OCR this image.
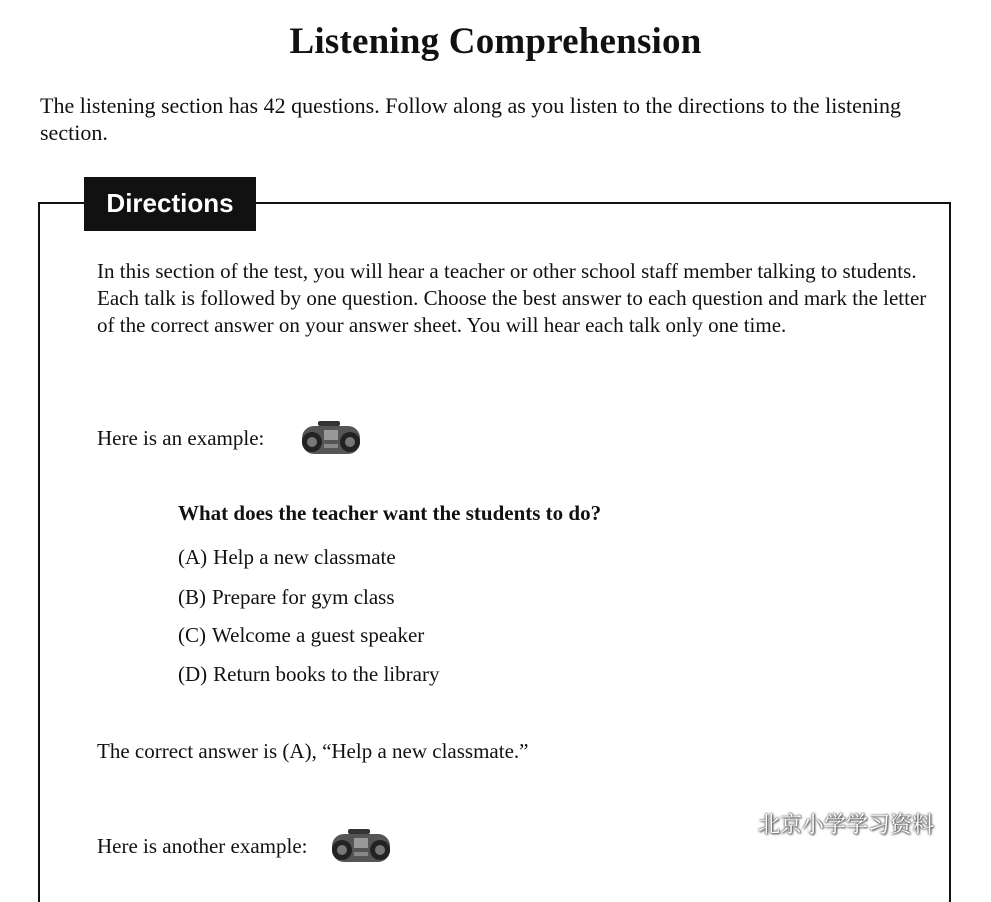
Listening Comprehension

The listening section has 42 questions. Follow along as you listen to the directions to the listening section.

Directions

In this section of the test, you will hear a teacher or other school staff member talking to students. Each talk is followed by one question. Choose the best answer to each question and mark the letter of the correct answer on your answer sheet. You will hear each talk only one time.

Here is an example:

What does the teacher want the students to do?

(A) Help a new classmate

(B) Prepare for gym class

(C) Welcome a guest speaker

(D) Return books to the library

The correct answer is (A), “Help a new classmate.”

Here is another example:
北京小学学习资料
